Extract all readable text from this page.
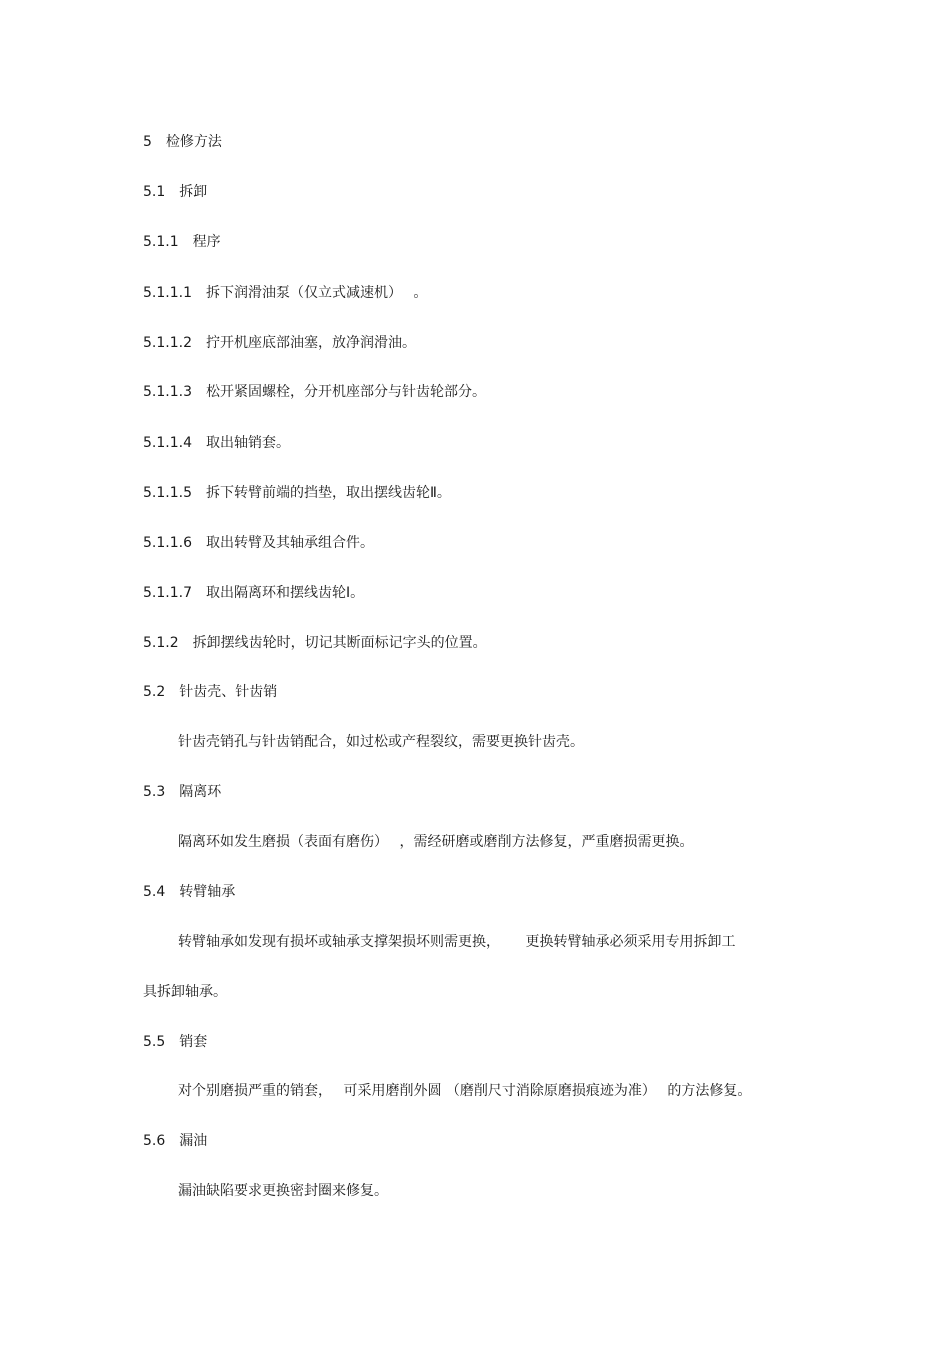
5 检修方法
5.1 拆卸
5.1.1 程序
5.1.1.1 拆下润滑油泵（仅立式减速机）　 。
5.1.1.2 拧开机座底部油塞，放净润滑油。
5.1.1.3 松开紧固螺栓，分开机座部分与针齿轮部分。
5.1.1.4 取出轴销套。
5.1.1.5 拆下转臂前端的挡垫，取出摆线齿轮Ⅱ。
5.1.1.6 取出转臂及其轴承组合件。
5.1.1.7 取出隔离环和摆线齿轮Ⅰ。
5.1.2 拆卸摆线齿轮时，切记其断面标记字头的位置。
5.2 针齿壳、针齿销
针齿壳销孔与针齿销配合，如过松或产程裂纹，需要更换针齿壳。
5.3 隔离环
隔离环如发生磨损（表面有磨伤）　 ，需经研磨或磨削方法修复，严重磨损需更换。
5.4 转臂轴承
转臂轴承如发现有损坏或轴承支撑架损坏则需更换，　　 更换转臂轴承必须采用专用拆卸工
具拆卸轴承。
5.5 销套
对个别磨损严重的销套，　 可采用磨削外圆 （磨削尺寸消除原磨损痕迹为准）　 的方法修复。
5.6 漏油
漏油缺陷要求更换密封圈来修复。
